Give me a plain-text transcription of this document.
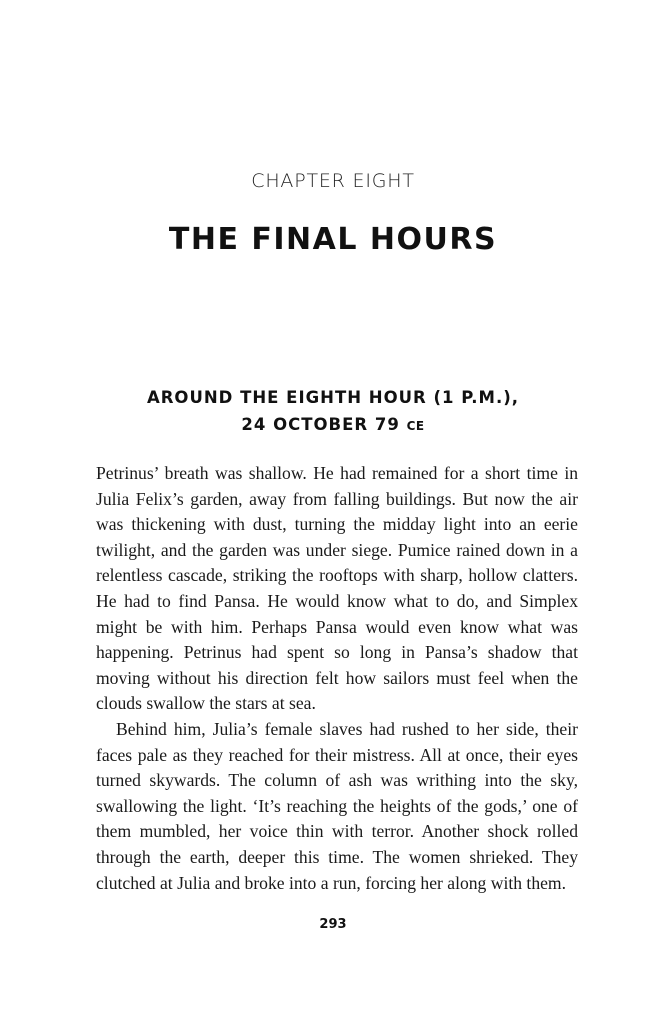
CHAPTER EIGHT
THE FINAL HOURS
AROUND THE EIGHTH HOUR (1 P.M.),
24 OCTOBER 79 CE

Petrinus’ breath was shallow. He had remained for a short time in Julia Felix’s garden, away from falling buildings. But now the air was thickening with dust, turning the midday light into an eerie twilight, and the garden was under siege. Pumice rained down in a relentless cascade, striking the rooftops with sharp, hollow clatters. He had to find Pansa. He would know what to do, and Simplex might be with him. Perhaps Pansa would even know what was happening. Petrinus had spent so long in Pansa’s shadow that moving without his direction felt how sailors must feel when the clouds swallow the stars at sea.

Behind him, Julia’s female slaves had rushed to her side, their faces pale as they reached for their mistress. All at once, their eyes turned skywards. The column of ash was writhing into the sky, swallowing the light. ‘It’s reaching the heights of the gods,’ one of them mumbled, her voice thin with terror. Another shock rolled through the earth, deeper this time. The women shrieked. They clutched at Julia and broke into a run, forcing her along with them.

293
